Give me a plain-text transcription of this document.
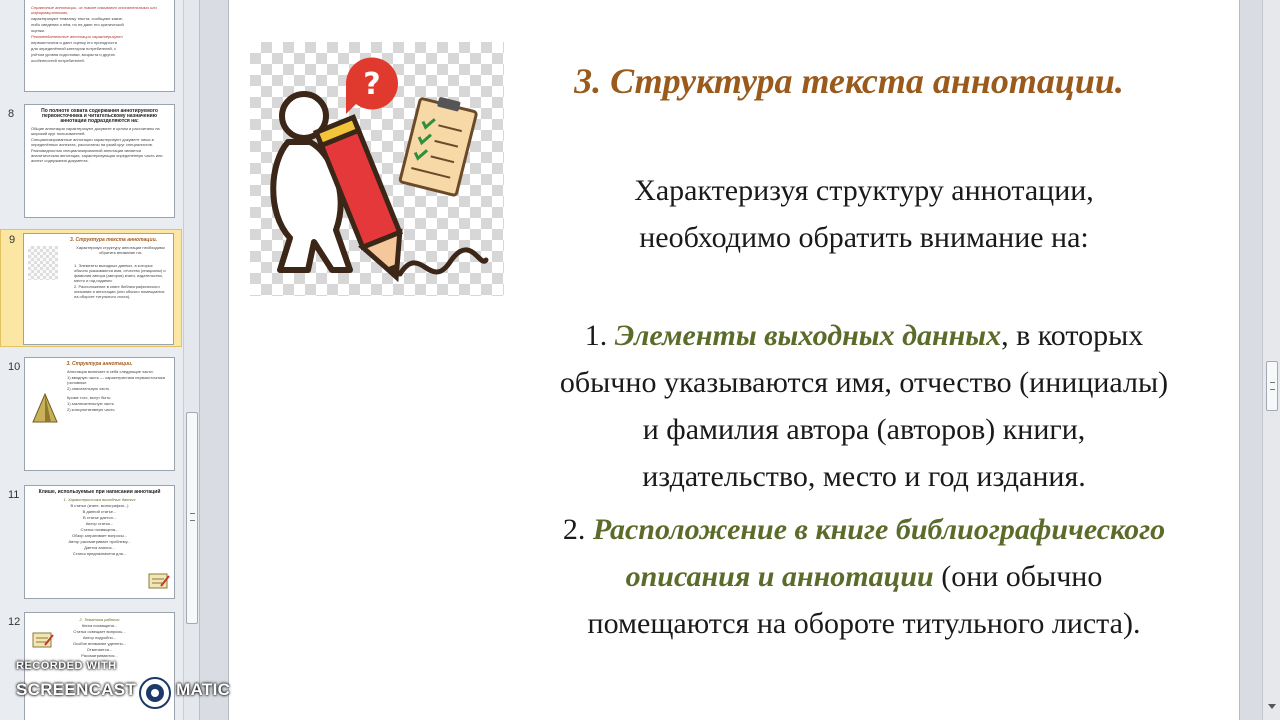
Справочные аннотации, их также называют описательными или информационными,
характеризуют тематику текста, сообщают какие-
либо сведения о нём, но не дают его критической
оценки.
Рекомендательные аннотации характеризуют
первоисточник и дают оценку его пригодности
для определённой категории потребителей, с
учётом уровня подготовки, возраста и других
особенностей потребителей.
8	По полноте охвата содержания аннотируемого первоисточника и читательскому назначению аннотации подразделяются на:
Общие аннотации характеризуют документ в целом и рассчитаны на широкий круг пользователей.
Специализированные аннотации характеризуют документ лишь в определённых аспектах, рассчитаны на узкий круг специалистов.
Разновидностью специализированной аннотации является аналитическая аннотация, характеризующая определенную часть или аспект содержания документа.
9	3. Структура текста аннотации.
Характеризуя структуру аннотации необходимо обратить внимание на:
1. Элементы выходных данных, в которых обычно указываются имя, отчество (инициалы) и фамилия автора (авторов) книги, издательство, место и год издания.
2. Расположение в книге библиографического описания и аннотации (они обычно помещаются на обороте титульного листа).
10	3. Структура аннотации.
Аннотация включает в себя следующие части:
1) вводную часть — характеристика первоисточника (основные
2) описательную часть
Кроме того, могут быть:
1) заключительную часть
2) консультативную часть
11	Клише, используемые при написании аннотаций
1. Характеристика выходных данных
В статье (книге, монографии...)
В данной статье...
В статье дается...
Автор статьи...
Статья посвящена...
Обзор затрагивает вопросы...
Автор рассматривает проблему...
Дается анализ...
Статья предназначена для...
12	2. Тематика работы
Книга посвящена...
Статья освещает вопросы...
Автор подробно...
Особое внимание уделено...
Отмечается...
Рассматриваются...
?	3. Структура текста аннотации.
Характеризуя структуру аннотации,
необходимо обратить внимание на:
1. Элементы выходных данных, в которых
обычно указываются имя, отчество (инициалы)
и фамилия автора (авторов) книги,
издательство, место и год издания.
2. Расположение в книге библиографического
описания и аннотации (они обычно
помещаются на обороте титульного листа).
RECORDED WITH
SCREENCAST MATIC
